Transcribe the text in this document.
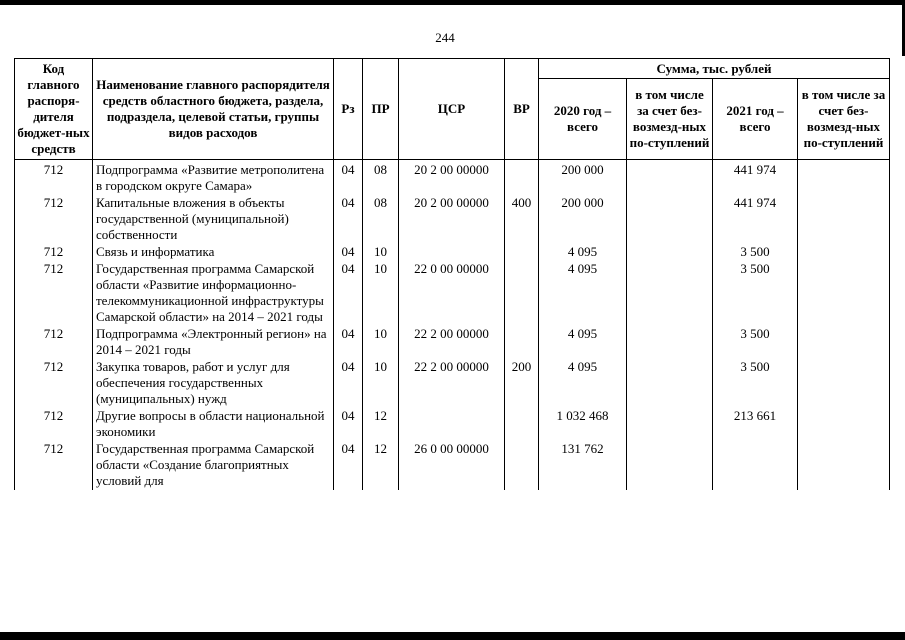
244
Код главного распоря-дителя бюджет-ных средств	Наименование главного распорядителя средств областного бюджета, раздела, подраздела, целевой статьи, группы видов расходов	Рз	ПР	ЦСР	ВР	Сумма, тыс. рублей			
						2020 год – всего	в том числе за счет без-возмезд-ных по-ступлений	2021 год – всего	в том числе за счет без-возмезд-ных по-ступлений
712	Подпрограмма «Развитие метрополитена в городском округе Самара»	04	08	20 2 00 00000		200 000		441 974	
712	Капитальные вложения в объекты государственной (муниципальной) собственности	04	08	20 2 00 00000	400	200 000		441 974	
712	Связь и информатика	04	10			4 095		3 500	
712	Государственная программа Самарской области «Развитие информационно-телекоммуникационной инфраструктуры Самарской области» на 2014 – 2021 годы	04	10	22 0 00 00000		4 095		3 500	
712	Подпрограмма «Электронный регион» на 2014 – 2021 годы	04	10	22 2 00 00000		4 095		3 500	
712	Закупка товаров, работ и услуг для обеспечения государственных (муниципальных) нужд	04	10	22 2 00 00000	200	4 095		3 500	
712	Другие вопросы в области национальной экономики	04	12			1 032 468		213 661	
712	Государственная программа Самарской области «Создание благоприятных условий для	04	12	26 0 00 00000		131 762			
